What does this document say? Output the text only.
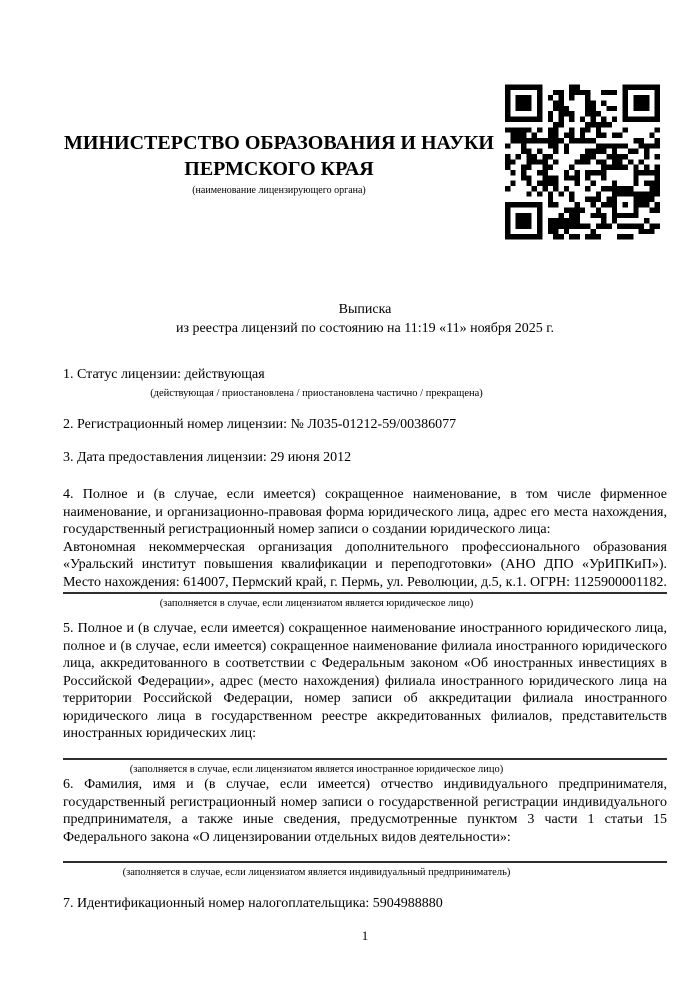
МИНИСТЕРСТВО ОБРАЗОВАНИЯ И НАУКИ

ПЕРМСКОГО КРАЯ

(наименование лицензирующего органа)
Выписка
из реестра лицензий по состоянию на 11:19 «11» ноября 2025 г.

1. Статус лицензии: действующая

(действующая / приостановлена / приостановлена частично / прекращена)

2. Регистрационный номер лицензии: № Л035-01212-59/00386077

3. Дата предоставления лицензии: 29 июня 2012

4. Полное и (в случае, если имеется) сокращенное наименование, в том числе фирменное наименование, и организационно-правовая форма юридического лица, адрес его места нахождения, государственный регистрационный номер записи о создании юридического лица:

Автономная некоммерческая организация дополнительного профессионального образования «Уральский институт повышения квалификации и переподготовки» (АНО ДПО «УрИПКиП»). Место нахождения: 614007, Пермский край, г. Пермь, ул. Революции, д.5, к.1. ОГРН: 1125900001182.

(заполняется в случае, если лицензиатом является юридическое лицо)

5. Полное и (в случае, если имеется) сокращенное наименование иностранного юридического лица, полное и (в случае, если имеется) сокращенное наименование филиала иностранного юридического лица, аккредитованного в соответствии с Федеральным законом «Об иностранных инвестициях в Российской Федерации», адрес (место нахождения) филиала иностранного юридического лица на территории Российской Федерации, номер записи об аккредитации филиала иностранного юридического лица в государственном реестре аккредитованных филиалов, представительств иностранных юридических лиц:

(заполняется в случае, если лицензиатом является иностранное юридическое лицо)

6. Фамилия, имя и (в случае, если имеется) отчество индивидуального предпринимателя, государственный регистрационный номер записи о государственной регистрации индивидуального предпринимателя, а также иные сведения, предусмотренные пунктом 3 части 1 статьи 15 Федерального закона «О лицензировании отдельных видов деятельности»:

(заполняется в случае, если лицензиатом является индивидуальный предприниматель)

7. Идентификационный номер налогоплательщика: 5904988880

1
